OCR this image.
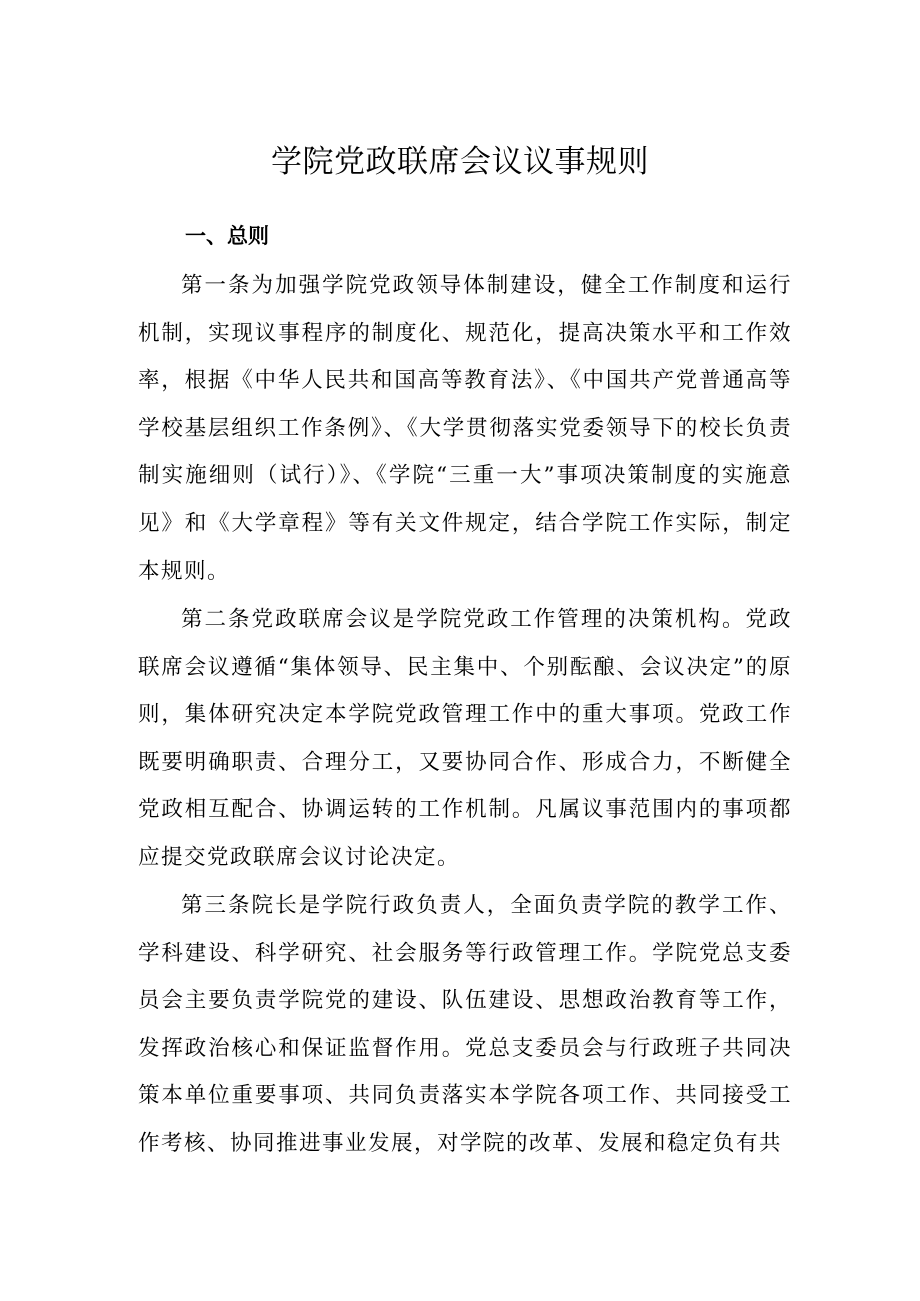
学院党政联席会议议事规则
一、总则

第一条为加强学院党政领导体制建设，健全工作制度和运行机制，实现议事程序的制度化、规范化，提高决策水平和工作效率，根据《中华人民共和国高等教育法》、《中国共产党普通高等学校基层组织工作条例》、《大学贯彻落实党委领导下的校长负责制实施细则（试行）》、《学院“三重一大”事项决策制度的实施意见》和《大学章程》等有关文件规定，结合学院工作实际，制定本规则。

第二条党政联席会议是学院党政工作管理的决策机构。党政联席会议遵循“集体领导、民主集中、个别酝酿、会议决定”的原则，集体研究决定本学院党政管理工作中的重大事项。党政工作既要明确职责、合理分工，又要协同合作、形成合力，不断健全党政相互配合、协调运转的工作机制。凡属议事范围内的事项都应提交党政联席会议讨论决定。

第三条院长是学院行政负责人，全面负责学院的教学工作、学科建设、科学研究、社会服务等行政管理工作。学院党总支委员会主要负责学院党的建设、队伍建设、思想政治教育等工作，发挥政治核心和保证监督作用。党总支委员会与行政班子共同决策本单位重要事项、共同负责落实本学院各项工作、共同接受工作考核、协同推进事业发展，对学院的改革、发展和稳定负有共
